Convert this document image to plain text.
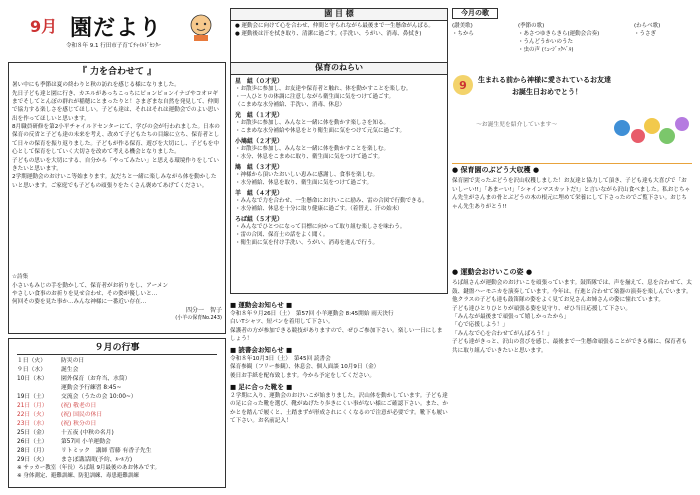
9月 園だより
令和８年 9.1 行田市子育てﾁｬｲﾙﾄﾞｾﾝﾀｰ
園 目 標
● 運動会に向けて心を合わせ、仲間と守られながら最後まで一生懸命がんばる。
● 運動後は汗を拭き取り、清潔に過ごす。(手洗い、うがい、消毒、鼻拭き)
今月の歌
(讃美歌)
・ちから
(季節の歌)
・あさつゆきらきら(運動会合奏)
・うんどうかいのうた
・虫の声 (ﾐｭｰｼﾞｯｸﾍﾞﾙ)
(わらべ歌)
・うさぎ
『 力を合わせて 』
暑い中にも季節は夏の終わりと秋の訪れを感じる様になりました。
先日子ども達と園に行き、カエルがあっちこっちにピョンピョンイナゴやコオロギまでそしてとんぼの群れが稲穂にとまったりと！さまざまな自然を発見して、仲間で協力する楽しさを感じてほしい。子ども達は、それはそれは運動会でのよい思い出を作ってほしいと思います。
8月職員研修を第2小平チャイルドセンターにて、学びの会が行われました。日本の保育の反省と子ども達の未来を考え、改めて子どもたちの目線に立ち、保育者として日々の保育を振り返りました。子どもが作る保育、遊びを大切にし、子どもを中心として保育をしていく大切さを改めて考える機会となりました。
子どもの思いを大切にする、自分から「やってみたい」と思える環境作りをしていきたいと思います。
2学期運動会のおけいこ等始まります。友だちと一緒に楽しみながら体を動かしたいと思います。ご家庭でも子どもの頑張りをたくさん褒めてあげてください。
☆詩集
小さいもみじの手を動かして、保育者がお祈りをし、アーメン
やさしい食事のお祈りを見せ合わせ、その姿が優しいと…
何回その姿を見た事か…みんな神様に一番近い存在…
四分一　智子
(小羊の保育No.243)
９月の行事
１日（火）	防災の日
９日（水）	誕生会
10日（木）	園外保育（お弁当、水筒）
運動会予行練習 8:45~
19日（土）	交流会（うたの会 10:00~）
21日（月）	(祝) 敬老の日
22日（火）	(祝) 国民の休日
23日（水）	(祝) 秋分の日
25日（金）	十五夜 (中秋の名月)
26日（土）	第57回 小羊運動会
28日（月）	リトミック　講師 菅藤 有香子先生
29日（火）	まさぽ講話間(予約、ﾙｰﾙ方)
※ サッカー教室（年長）ろば組 9月最後のあお休みです。
※ 身体測定、避難訓練、防犯訓練、毒患避難訓練
保育のねらい
星　組（０才児）
・お散歩に参加し、お友達や保育者と触れ、体を動かすことを楽しむ。
・一人ひとりの体調に注意しながら衛生面に気をつけて過ごす。
（こまめな水分補給、手洗い、消毒、休息）
光　組（１才児）
・お散歩に参加し、みんなと一緒に体を動かす楽しさを知る。
・こまめな水分補給や休息をとり衛生面に気をつけて元気に過ごす。
小鳩組（２才児）
・お散歩に参加し、みんなと一緒に体を動かすことを楽しむ。
・水分、休息をこまめに取り、衛生面に気をつけて過ごす。
鳩　組（３才児）
・神様から頂いたおいしい恵みに感謝し、食事を楽しむ。
・水分補給、休息を取り、衛生面に気をつけて過ごす。
羊　組（４才児）
・みんなで力を合わせ、一生懸命におけいこに励み、雷の合図で行動できる。
・水分補給、休息を十分に取り健康に過ごす。（着替え、汗の始末）
ろば組（５才児）
・みんなでひとつになって目標に向かって取り組む楽しさを味わう。
・雷の合図、保育士の話をよく聞く。
・衛生面に気を付け手洗い、うがい、消毒を進んで行う。
■ 運動会お知らせ ■
令和８年９月26日（土）　第57回 小羊運動会 8:45開始 雨天決行
白いTシャツ、短パンを着用して下さい。
保護者の方が参加できる競技がありますので、ぜひご参加下さい。楽しい一日にしましょう！
■ 読書会お知らせ ■
令和８年10月3日（土）　第45回 読書会
保育参観（フリー参観）、休息会、個人面談 10月9日（金）
後日お手紙を配布致します。今から予定をしてください。
■ 足に合った靴を ■
２学期に入り、運動会のおけいこが始まりました。沢山体を動かしています。子ども達の足に合った靴を選び、靴がぬげたり歩きにくい事がない様にご確認下さい。また、かかとを踏んで履くと、土踏まずが形成されにくくなるので注意が必要です。靴下も履いて下さい。お名前記入！
9 生まれる前から神様に愛されているお友達
お誕生日おめでとう！
～お誕生児を紹介しています～
● 保育園のぶどう大収穫 ●
保育園で実ったぶどうを沢山収穫しました！お友達と協力して頂き、子ども達も大喜びで「おいしーい!!」「あまーい!」「シャインマスカットだ!」と言いながら沢山食べました。私おじちゃん先生がさんまの骨とぶどうの木の根元に埋めて栄養にして下さったのでご覧下さい。おじちゃん先生ありがとう!!
● 運動会おけいこの姿 ●
ろば組さんが運動会のおけいこを頑張っています。鼓笛隊では、声を揃えて、息を合わせて、太鼓、鍵盤ハーモニカを演奏しています。今年は、行進と合わせて楽器の演奏を楽しんでいます。他クラスの子ども達も鼓笛隊の姿をよく見てお兄さんお姉さんの姿に憧れています。
子ども達ひとりひとりが頑張る姿を見守り、ぜひ当日応援して下さい。
「みんなが最後まで頑張って嬉しかったから」
「心で応援しよう！」
「みんなで心を合わせてがんばろう！」
子ども達がきっと、沢山の喜びを感じ、最後まで一生懸命頑張ることができる様に、保育者も共に取り組んでいきたいと思います。
